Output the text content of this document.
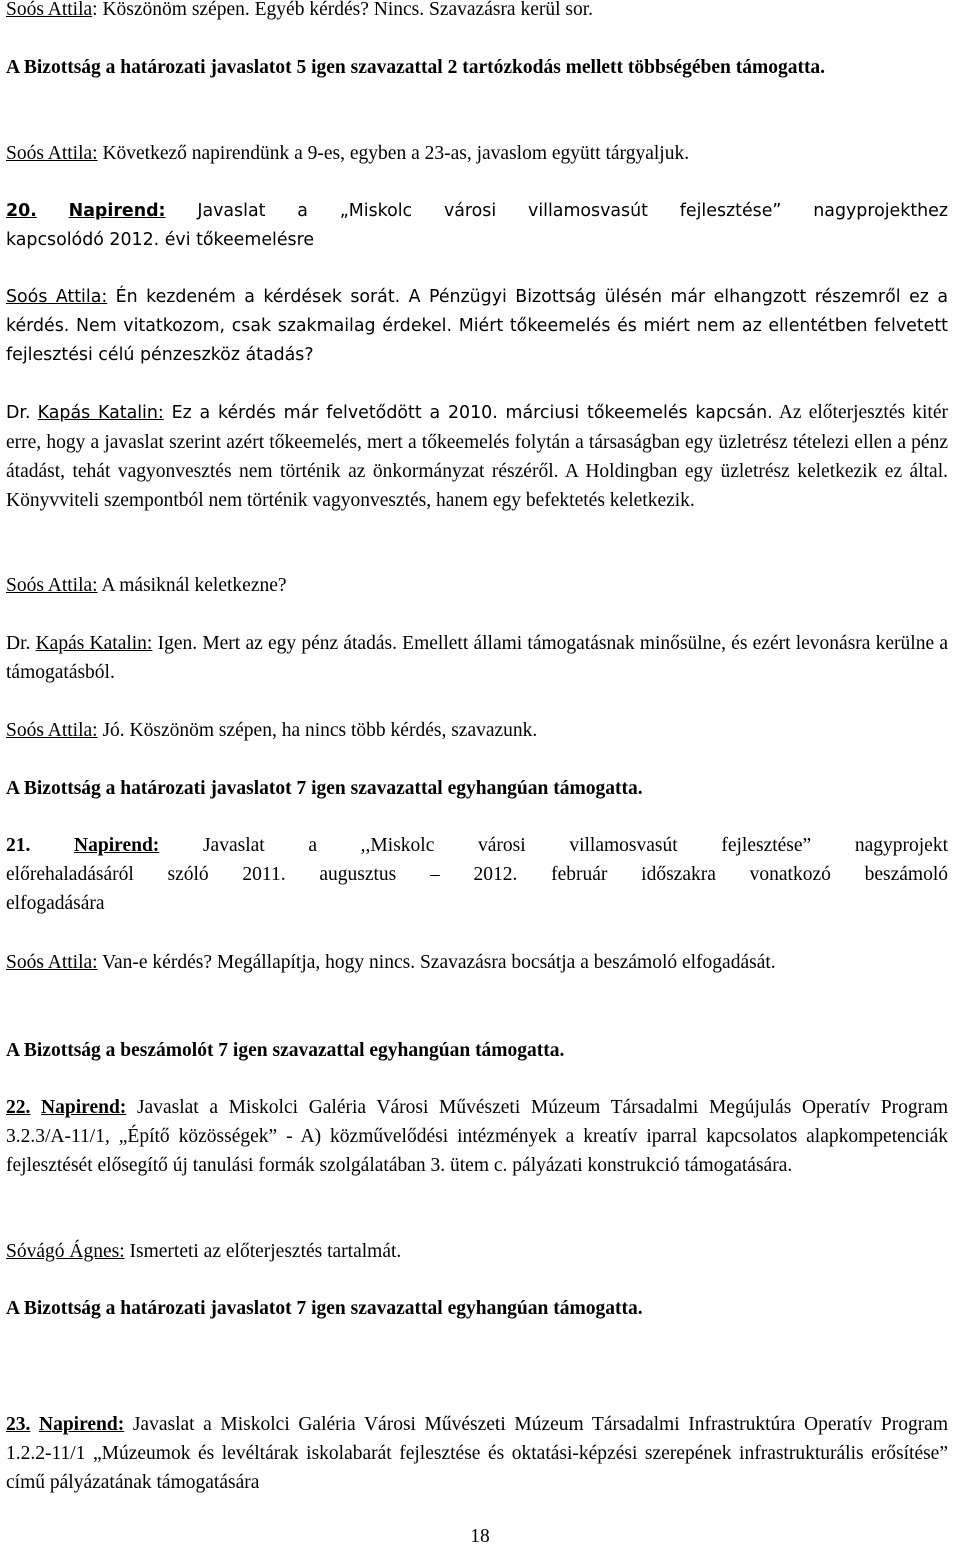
Soós Attila: Köszönöm szépen. Egyéb kérdés? Nincs. Szavazásra kerül sor.

A Bizottság a határozati javaslatot 5 igen szavazattal 2 tartózkodás mellett többségében támogatta.

Soós Attila: Következő napirendünk a 9-es, egyben a 23-as, javaslom együtt tárgyaljuk.

20. Napirend: Javaslat a „Miskolc városi villamosvasút fejlesztése” nagyprojekthez
kapcsolódó 2012. évi tőkeemelésre

Soós Attila: Én kezdeném a kérdések sorát. A Pénzügyi Bizottság ülésén már elhangzott részemről ez a kérdés. Nem vitatkozom, csak szakmailag érdekel. Miért tőkeemelés és miért nem az ellentétben felvetett fejlesztési célú pénzeszköz átadás?

Dr. Kapás Katalin: Ez a kérdés már felvetődött a 2010. márciusi tőkeemelés kapcsán. Az előterjesztés kitér erre, hogy a javaslat szerint azért tőkeemelés, mert a tőkeemelés folytán a társaságban egy üzletrész tételezi ellen a pénz átadást, tehát vagyonvesztés nem történik az önkormányzat részéről. A Holdingban egy üzletrész keletkezik ez által. Könyvviteli szempontból nem történik vagyonvesztés, hanem egy befektetés keletkezik.

Soós Attila: A másiknál keletkezne?

Dr. Kapás Katalin: Igen. Mert az egy pénz átadás. Emellett állami támogatásnak minősülne, és ezért levonásra kerülne a támogatásból.

Soós Attila: Jó. Köszönöm szépen, ha nincs több kérdés, szavazunk.

A Bizottság a határozati javaslatot 7 igen szavazattal egyhangúan támogatta.

21. Napirend: Javaslat a ,,Miskolc városi villamosvasút fejlesztése” nagyprojekt
előrehaladásáról szóló 2011. augusztus – 2012. február időszakra vonatkozó beszámoló
elfogadására

Soós Attila: Van-e kérdés? Megállapítja, hogy nincs. Szavazásra bocsátja a beszámoló elfogadását.

A Bizottság a beszámolót 7 igen szavazattal egyhangúan támogatta.

22. Napirend: Javaslat a Miskolci Galéria Városi Művészeti Múzeum Társadalmi Megújulás Operatív Program 3.2.3/A-11/1, „Építő közösségek” - A) közművelődési intézmények a kreatív iparral kapcsolatos alapkompetenciák fejlesztését elősegítő új tanulási formák szolgálatában 3. ütem c. pályázati konstrukció támogatására.

Sóvágó Ágnes: Ismerteti az előterjesztés tartalmát.

A Bizottság a határozati javaslatot 7 igen szavazattal egyhangúan támogatta.

23. Napirend: Javaslat a Miskolci Galéria Városi Művészeti Múzeum Társadalmi Infrastruktúra Operatív Program 1.2.2-11/1 „Múzeumok és levéltárak iskolabarát fejlesztése és oktatási-képzési szerepének infrastrukturális erősítése” című pályázatának támogatására

18
